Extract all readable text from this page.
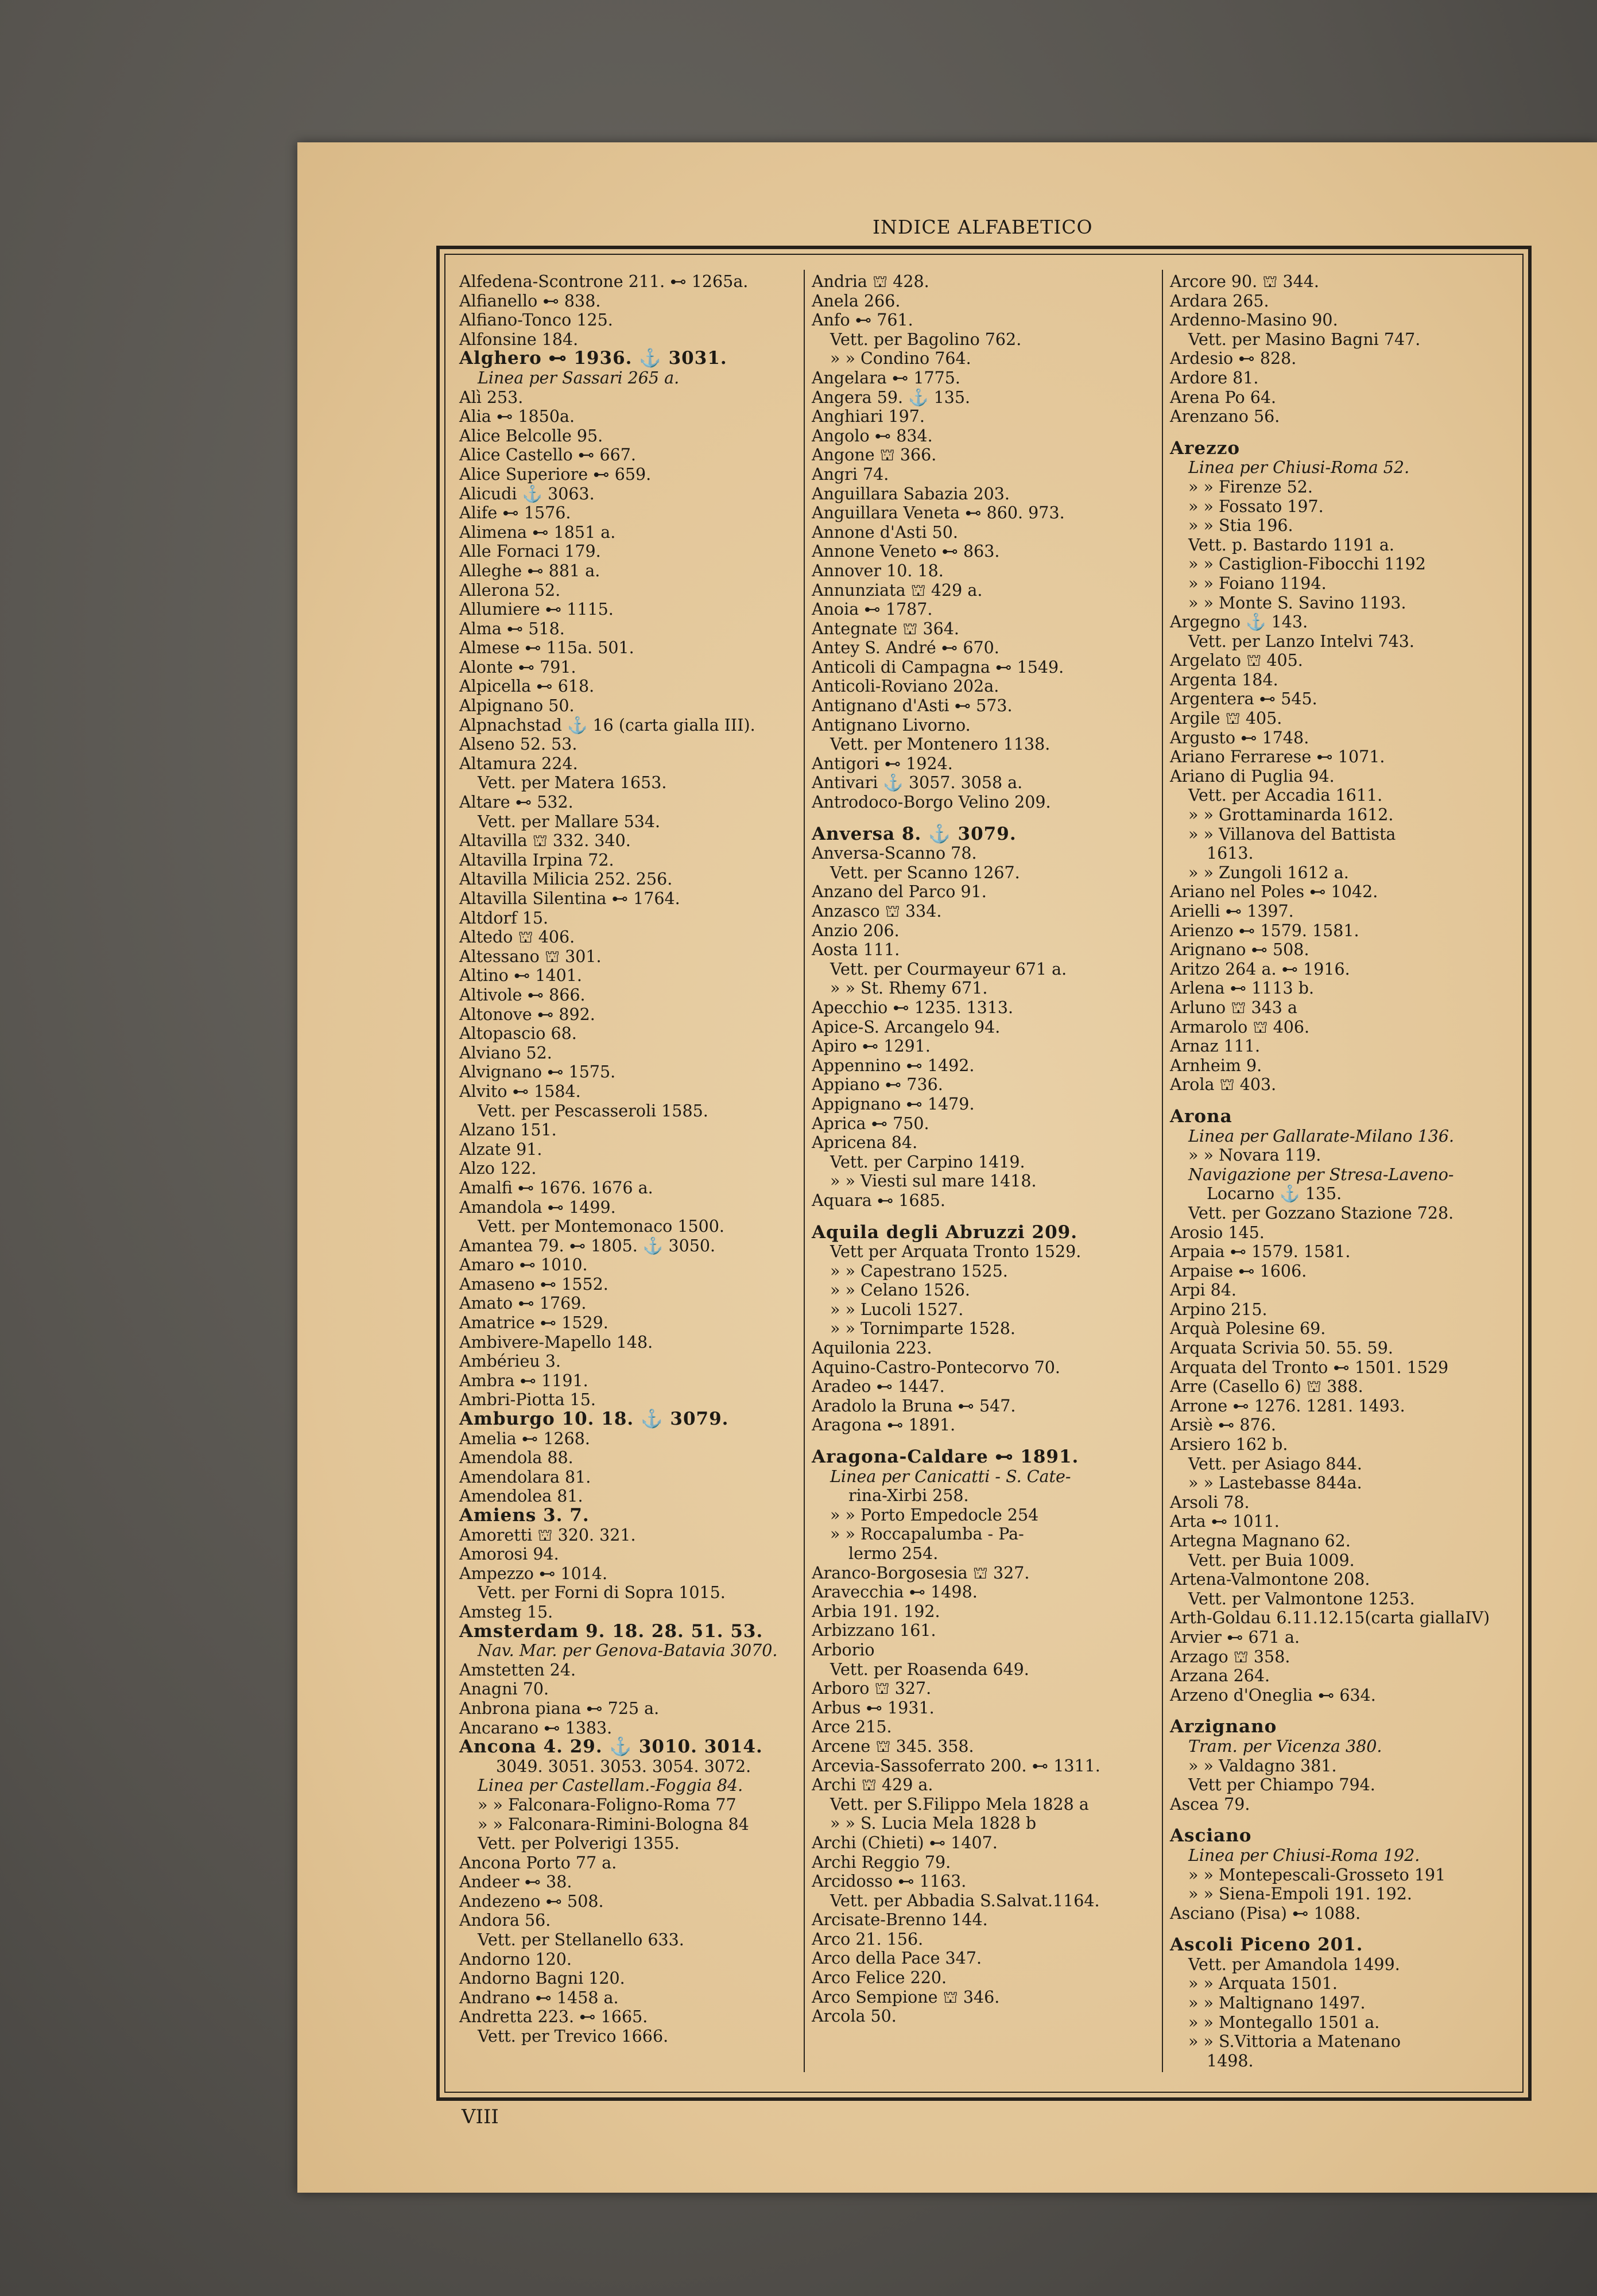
INDICE ALFABETICO
Alfedena-Scontrone 211. ⊷ 1265a.
Alfianello ⊷ 838.
Alfiano-Tonco 125.
Alfonsine 184.
Alghero ⊷ 1936. ⚓ 3031.
Linea per Sassari 265 a.
Alì 253.
Alia ⊷ 1850a.
Alice Belcolle 95.
Alice Castello ⊷ 667.
Alice Superiore ⊷ 659.
Alicudi ⚓ 3063.
Alife ⊷ 1576.
Alimena ⊷ 1851 a.
Alle Fornaci 179.
Alleghe ⊷ 881 a.
Allerona 52.
Allumiere ⊷ 1115.
Alma ⊷ 518.
Almese ⊷ 115a. 501.
Alonte ⊷ 791.
Alpicella ⊷ 618.
Alpignano 50.
Alpnachstad ⚓ 16 (carta gialla III).
Alseno 52. 53.
Altamura 224.
Vett. per Matera 1653.
Altare ⊷ 532.
Vett. per Mallare 534.
Altavilla ⛫ 332. 340.
Altavilla Irpina 72.
Altavilla Milicia 252. 256.
Altavilla Silentina ⊷ 1764.
Altdorf 15.
Altedo ⛫ 406.
Altessano ⛫ 301.
Altino ⊷ 1401.
Altivole ⊷ 866.
Altonove ⊷ 892.
Altopascio 68.
Alviano 52.
Alvignano ⊷ 1575.
Alvito ⊷ 1584.
Vett. per Pescasseroli 1585.
Alzano 151.
Alzate 91.
Alzo 122.
Amalfi ⊷ 1676. 1676 a.
Amandola ⊷ 1499.
Vett. per Montemonaco 1500.
Amantea 79. ⊷ 1805. ⚓ 3050.
Amaro ⊷ 1010.
Amaseno ⊷ 1552.
Amato ⊷ 1769.
Amatrice ⊷ 1529.
Ambivere-Mapello 148.
Ambérieu 3.
Ambra ⊷ 1191.
Ambri-Piotta 15.
Amburgo 10. 18. ⚓ 3079.
Amelia ⊷ 1268.
Amendola 88.
Amendolara 81.
Amendolea 81.
Amiens 3. 7.
Amoretti ⛫ 320. 321.
Amorosi 94.
Ampezzo ⊷ 1014.
Vett. per Forni di Sopra 1015.
Amsteg 15.
Amsterdam 9. 18. 28. 51. 53.
Nav. Mar. per Genova-Batavia 3070.
Amstetten 24.
Anagni 70.
Anbrona piana ⊷ 725 a.
Ancarano ⊷ 1383.
Ancona 4. 29. ⚓ 3010. 3014.
3049. 3051. 3053. 3054. 3072.
Linea per Castellam.-Foggia 84.
» » Falconara-Foligno-Roma 77
» » Falconara-Rimini-Bologna 84
Vett. per Polverigi 1355.
Ancona Porto 77 a.
Andeer ⊷ 38.
Andezeno ⊷ 508.
Andora 56.
Vett. per Stellanello 633.
Andorno 120.
Andorno Bagni 120.
Andrano ⊷ 1458 a.
Andretta 223. ⊷ 1665.
Vett. per Trevico 1666.
Andria ⛫ 428.
Anela 266.
Anfo ⊷ 761.
Vett. per Bagolino 762.
» » Condino 764.
Angelara ⊷ 1775.
Angera 59. ⚓ 135.
Anghiari 197.
Angolo ⊷ 834.
Angone ⛫ 366.
Angri 74.
Anguillara Sabazia 203.
Anguillara Veneta ⊷ 860. 973.
Annone d'Asti 50.
Annone Veneto ⊷ 863.
Annover 10. 18.
Annunziata ⛫ 429 a.
Anoia ⊷ 1787.
Antegnate ⛫ 364.
Antey S. André ⊷ 670.
Anticoli di Campagna ⊷ 1549.
Anticoli-Roviano 202a.
Antignano d'Asti ⊷ 573.
Antignano Livorno.
Vett. per Montenero 1138.
Antigori ⊷ 1924.
Antivari ⚓ 3057. 3058 a.
Antrodoco-Borgo Velino 209.
Anversa 8. ⚓ 3079.
Anversa-Scanno 78.
Vett. per Scanno 1267.
Anzano del Parco 91.
Anzasco ⛫ 334.
Anzio 206.
Aosta 111.
Vett. per Courmayeur 671 a.
» » St. Rhemy 671.
Apecchio ⊷ 1235. 1313.
Apice-S. Arcangelo 94.
Apiro ⊷ 1291.
Appennino ⊷ 1492.
Appiano ⊷ 736.
Appignano ⊷ 1479.
Aprica ⊷ 750.
Apricena 84.
Vett. per Carpino 1419.
» » Viesti sul mare 1418.
Aquara ⊷ 1685.
Aquila degli Abruzzi 209.
Vett per Arquata Tronto 1529.
» » Capestrano 1525.
» » Celano 1526.
» » Lucoli 1527.
» » Tornimparte 1528.
Aquilonia 223.
Aquino-Castro-Pontecorvo 70.
Aradeo ⊷ 1447.
Aradolo la Bruna ⊷ 547.
Aragona ⊷ 1891.
Aragona-Caldare ⊷ 1891.
Linea per Canicatti - S. Cate-
rina-Xirbi 258.
» » Porto Empedocle 254
» » Roccapalumba - Pa-
lermo 254.
Aranco-Borgosesia ⛫ 327.
Aravecchia ⊷ 1498.
Arbia 191. 192.
Arbizzano 161.
Arborio
Vett. per Roasenda 649.
Arboro ⛫ 327.
Arbus ⊷ 1931.
Arce 215.
Arcene ⛫ 345. 358.
Arcevia-Sassoferrato 200. ⊷ 1311.
Archi ⛫ 429 a.
Vett. per S.Filippo Mela 1828 a
» » S. Lucia Mela 1828 b
Archi (Chieti) ⊷ 1407.
Archi Reggio 79.
Arcidosso ⊷ 1163.
Vett. per Abbadia S.Salvat.1164.
Arcisate-Brenno 144.
Arco 21. 156.
Arco della Pace 347.
Arco Felice 220.
Arco Sempione ⛫ 346.
Arcola 50.
Arcore 90. ⛫ 344.
Ardara 265.
Ardenno-Masino 90.
Vett. per Masino Bagni 747.
Ardesio ⊷ 828.
Ardore 81.
Arena Po 64.
Arenzano 56.
Arezzo
Linea per Chiusi-Roma 52.
» » Firenze 52.
» » Fossato 197.
» » Stia 196.
Vett. p. Bastardo 1191 a.
» » Castiglion-Fibocchi 1192
» » Foiano 1194.
» » Monte S. Savino 1193.
Argegno ⚓ 143.
Vett. per Lanzo Intelvi 743.
Argelato ⛫ 405.
Argenta 184.
Argentera ⊷ 545.
Argile ⛫ 405.
Argusto ⊷ 1748.
Ariano Ferrarese ⊷ 1071.
Ariano di Puglia 94.
Vett. per Accadia 1611.
» » Grottaminarda 1612.
» » Villanova del Battista
1613.
» » Zungoli 1612 a.
Ariano nel Poles ⊷ 1042.
Arielli ⊷ 1397.
Arienzo ⊷ 1579. 1581.
Arignano ⊷ 508.
Aritzo 264 a. ⊷ 1916.
Arlena ⊷ 1113 b.
Arluno ⛫ 343 a
Armarolo ⛫ 406.
Arnaz 111.
Arnheim 9.
Arola ⛫ 403.
Arona
Linea per Gallarate-Milano 136.
» » Novara 119.
Navigazione per Stresa-Laveno-
Locarno ⚓ 135.
Vett. per Gozzano Stazione 728.
Arosio 145.
Arpaia ⊷ 1579. 1581.
Arpaise ⊷ 1606.
Arpi 84.
Arpino 215.
Arquà Polesine 69.
Arquata Scrivia 50. 55. 59.
Arquata del Tronto ⊷ 1501. 1529
Arre (Casello 6) ⛫ 388.
Arrone ⊷ 1276. 1281. 1493.
Arsiè ⊷ 876.
Arsiero 162 b.
Vett. per Asiago 844.
» » Lastebasse 844a.
Arsoli 78.
Arta ⊷ 1011.
Artegna Magnano 62.
Vett. per Buia 1009.
Artena-Valmontone 208.
Vett. per Valmontone 1253.
Arth-Goldau 6.11.12.15(carta giallaIV)
Arvier ⊷ 671 a.
Arzago ⛫ 358.
Arzana 264.
Arzeno d'Oneglia ⊷ 634.
Arzignano
Tram. per Vicenza 380.
» » Valdagno 381.
Vett per Chiampo 794.
Ascea 79.
Asciano
Linea per Chiusi-Roma 192.
» » Montepescali-Grosseto 191
» » Siena-Empoli 191. 192.
Asciano (Pisa) ⊷ 1088.
Ascoli Piceno 201.
Vett. per Amandola 1499.
» » Arquata 1501.
» » Maltignano 1497.
» » Montegallo 1501 a.
» » S.Vittoria a Matenano
1498.
VIII
